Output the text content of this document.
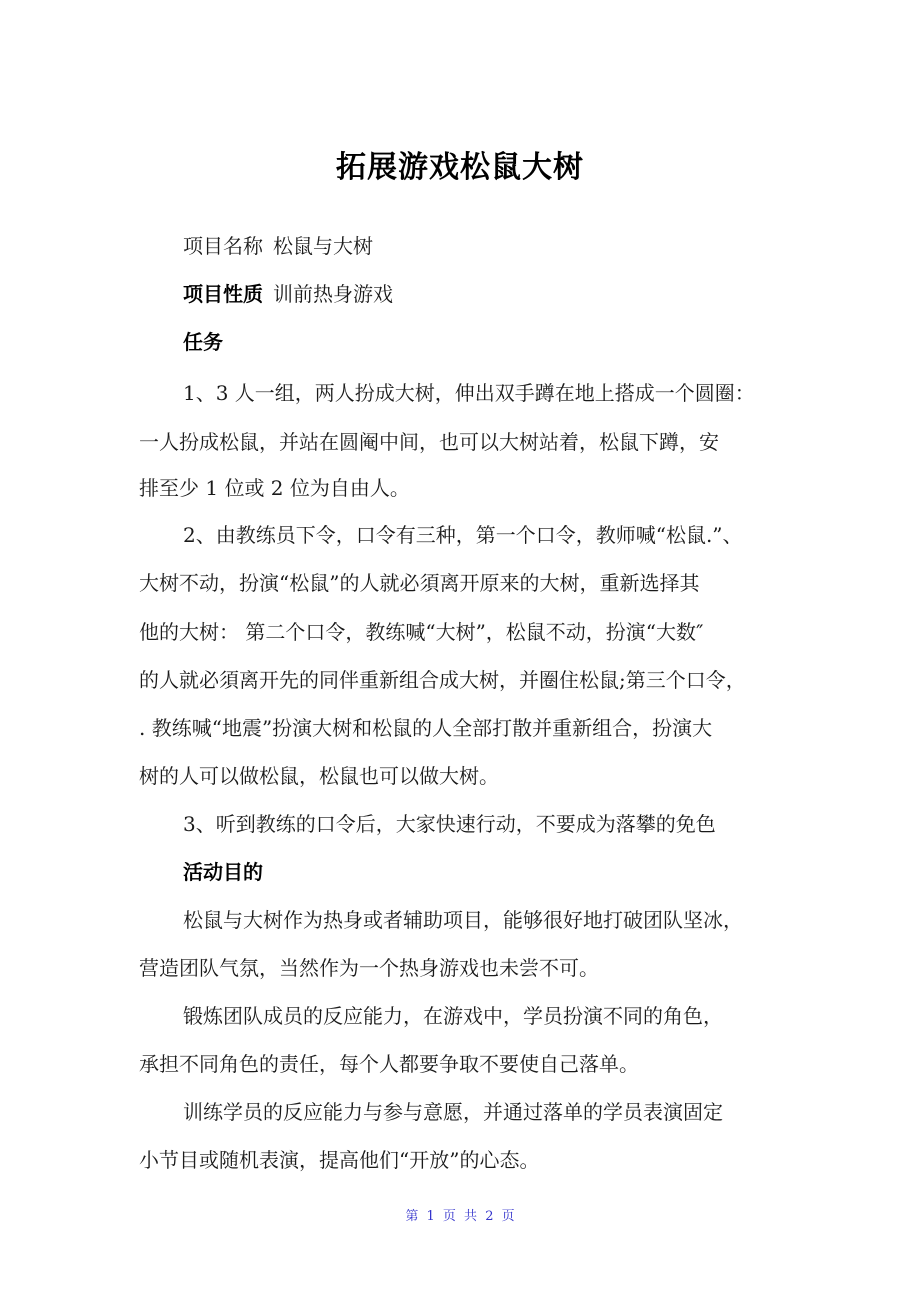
拓展游戏松鼠大树
项目名称 松鼠与大树
项目性质 训前热身游戏
任务
1、3 人一组，两人扮成大树，伸出双手蹲在地上搭成一个圆圈：
一人扮成松鼠，并站在圆阉中间，也可以大树站着，松鼠下蹲，安
排至少 1 位或 2 位为自由人。
2、由教练员下令，口令有三种，第一个口令，教师喊“松鼠.”、
大树不动，扮演“松鼠”的人就必須离开原来的大树，重新选择其
他的大树： 第二个口令，教练喊“大树”，松鼠不动，扮演“大数″
的人就必須离开先的同伴重新组合成大树，并圈住松鼠;第三个口令，
. 教练喊“地震”扮演大树和松鼠的人全部打散并重新组合，扮演大
树的人可以做松鼠，松鼠也可以做大树。
3、听到教练的口令后，大家快速行动，不要成为落攀的免色
活动目的
松鼠与大树作为热身或者辅助项目，能够很好地打破团队坚冰，
营造团队气氛，当然作为一个热身游戏也未尝不可。
锻炼团队成员的反应能力，在游戏中，学员扮演不同的角色，
承担不同角色的责任，每个人都要争取不要使自己落单。
训练学员的反应能力与参与意愿，并通过落单的学员表演固定
小节目或随机表演，提高他们“开放”的心态。
第 1 页 共 2 页
